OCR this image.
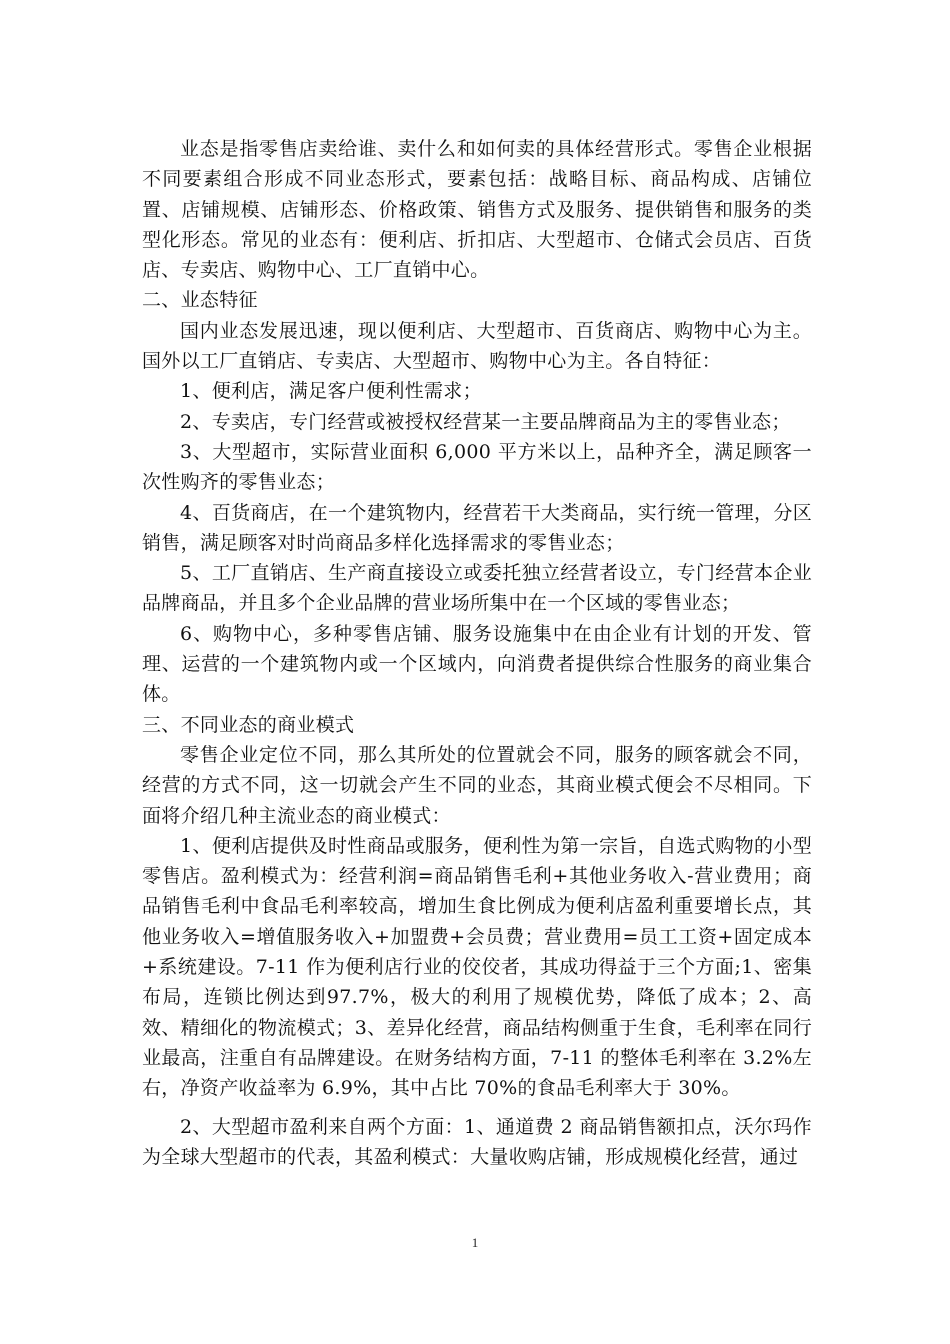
业态是指零售店卖给谁、卖什么和如何卖的具体经营形式。零售企业根据不同要素组合形成不同业态形式，要素包括：战略目标、商品构成、店铺位置、店铺规模、店铺形态、价格政策、销售方式及服务、提供销售和服务的类型化形态。常见的业态有：便利店、折扣店、大型超市、仓储式会员店、百货店、专卖店、购物中心、工厂直销中心。

二、业态特征

国内业态发展迅速，现以便利店、大型超市、百货商店、购物中心为主。国外以工厂直销店、专卖店、大型超市、购物中心为主。各自特征：

1、便利店，满足客户便利性需求；

2、专卖店，专门经营或被授权经营某一主要品牌商品为主的零售业态；

3、大型超市，实际营业面积 6,000 平方米以上，品种齐全，满足顾客一次性购齐的零售业态；

4、百货商店，在一个建筑物内，经营若干大类商品，实行统一管理，分区销售，满足顾客对时尚商品多样化选择需求的零售业态；

5、工厂直销店、生产商直接设立或委托独立经营者设立，专门经营本企业品牌商品，并且多个企业品牌的营业场所集中在一个区域的零售业态；

6、购物中心，多种零售店铺、服务设施集中在由企业有计划的开发、管理、运营的一个建筑物内或一个区域内，向消费者提供综合性服务的商业集合体。

三、不同业态的商业模式

零售企业定位不同，那么其所处的位置就会不同，服务的顾客就会不同，经营的方式不同，这一切就会产生不同的业态，其商业模式便会不尽相同。下面将介绍几种主流业态的商业模式：

1、便利店提供及时性商品或服务，便利性为第一宗旨，自选式购物的小型零售店。盈利模式为：经营利润=商品销售毛利+其他业务收入-营业费用；商品销售毛利中食品毛利率较高，增加生食比例成为便利店盈利重要增长点，其他业务收入=增值服务收入+加盟费+会员费；营业费用=员工工资+固定成本+系统建设。7-11 作为便利店行业的佼佼者，其成功得益于三个方面;1、密集布局，连锁比例达到97.7%，极大的利用了规模优势，降低了成本；2、高效、精细化的物流模式；3、差异化经营，商品结构侧重于生食，毛利率在同行业最高，注重自有品牌建设。在财务结构方面，7-11 的整体毛利率在 3.2%左右，净资产收益率为 6.9%，其中占比 70%的食品毛利率大于 30%。

2、大型超市盈利来自两个方面：1、通道费 2 商品销售额扣点，沃尔玛作为全球大型超市的代表，其盈利模式：大量收购店铺，形成规模化经营，通过

1
